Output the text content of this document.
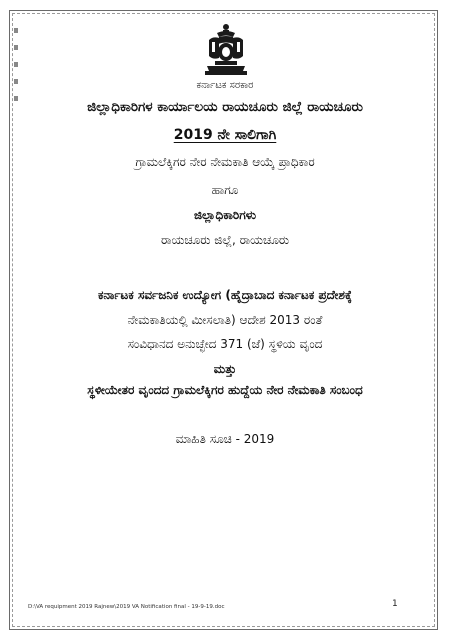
ಕರ್ನಾಟಕ ಸರಕಾರ
ಜಿಲ್ಲಾಧಿಕಾರಿಗಳ ಕಾರ್ಯಾಲಯ ರಾಯಚೂರು ಜಿಲ್ಲೆ ರಾಯಚೂರು
2019 ನೇ ಸಾಲಿಗಾಗಿ
ಗ್ರಾಮಲೆಕ್ಕಿಗರ ನೇರ ನೇಮಕಾತಿ ಆಯ್ಕೆ ಪ್ರಾಧಿಕಾರ
ಹಾಗೂ
ಜಿಲ್ಲಾಧಿಕಾರಿಗಳು
ರಾಯಚೂರು ಜಿಲ್ಲೆ, ರಾಯಚೂರು
ಕರ್ನಾಟಕ ಸರ್ವಜನಿಕ ಉದ್ಯೋಗ (ಹೈದ್ರಾಬಾದ ಕರ್ನಾಟಕ ಪ್ರದೇಶಕ್ಕೆ
ನೇಮಕಾತಿಯಲ್ಲಿ ಮೀಸಲಾತಿ) ಆದೇಶ 2013 ರಂತೆ
ಸಂವಿಧಾನದ ಅನುಚ್ಛೇದ 371 (ಜೆ) ಸ್ಥಳಿಯ ವೃಂದ
ಮತ್ತು
ಸ್ಥಳೀಯೇತರ ವೃಂದದ ಗ್ರಾಮಲೆಕ್ಕಿಗರ ಹುದ್ದೆಯ ನೇರ ನೇಮಕಾತಿ ಸಂಬಂಧ
ಮಾಹಿತಿ ಸೂಚಿ - 2019
D:\VA requipment 2019 Rajnew\2019 VA Notification final - 19-9-19.doc	1
